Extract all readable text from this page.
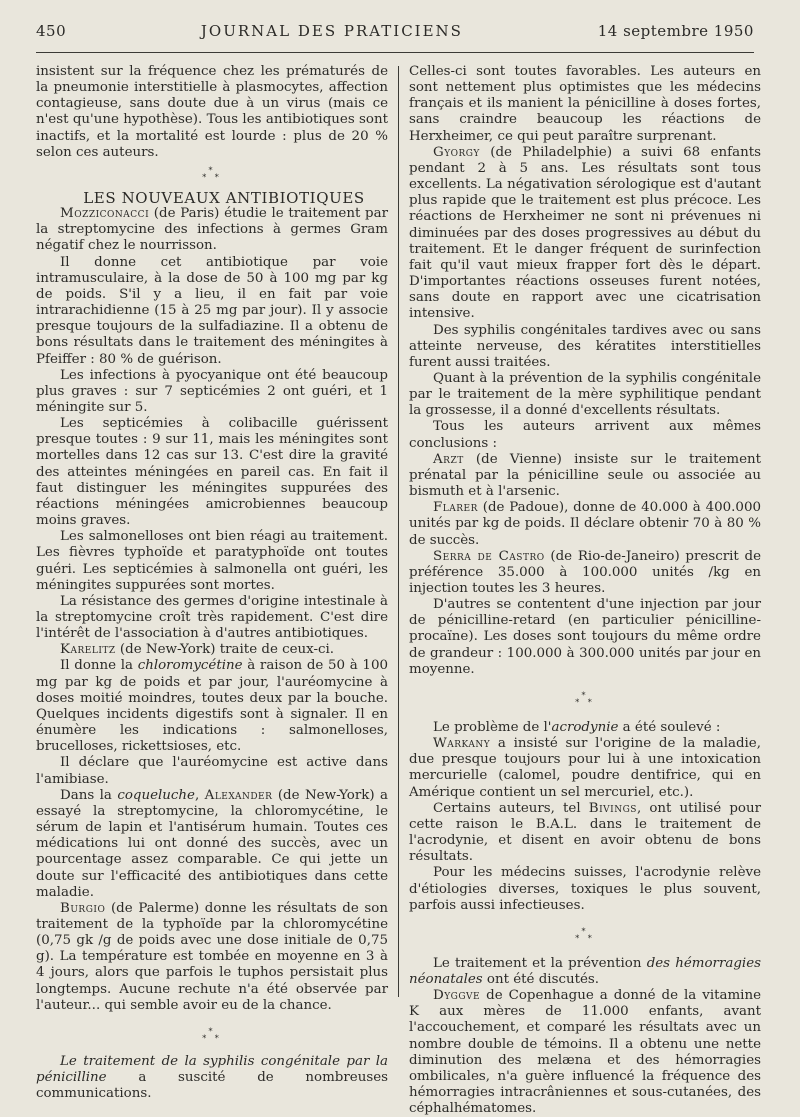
450	JOURNAL DES PRATICIENS	14 septembre 1950

insistent sur la fréquence chez les prématurés de la pneumonie interstitielle à plasmocytes, affection contagieuse, sans doute due à un virus (mais ce n'est qu'une hypothèse). Tous les antibiotiques sont inactifs, et la mortalité est lourde : plus de 20 % selon ces auteurs.

*
* *

LES NOUVEAUX ANTIBIOTIQUES

Mozziconacci (de Paris) étudie le traitement par la streptomycine des infections à germes Gram négatif chez le nourrisson.

Il donne cet antibiotique par voie intramusculaire, à la dose de 50 à 100 mg par kg de poids. S'il y a lieu, il en fait par voie intrarachidienne (15 à 25 mg par jour). Il y associe presque toujours de la sulfadiazine. Il a obtenu de bons résultats dans le traitement des méningites à Pfeiffer : 80 % de guérison.

Les infections à pyocyanique ont été beaucoup plus graves : sur 7 septicémies 2 ont guéri, et 1 méningite sur 5.

Les septicémies à colibacille guérissent presque toutes : 9 sur 11, mais les méningites sont mortelles dans 12 cas sur 13. C'est dire la gravité des atteintes méningées en pareil cas. En fait il faut distinguer les méningites suppurées des réactions méningées amicrobiennes beaucoup moins graves.

Les salmonelloses ont bien réagi au traitement. Les fièvres typhoïde et paratyphoïde ont toutes guéri. Les septicémies à salmonella ont guéri, les méningites suppurées sont mortes.

La résistance des germes d'origine intestinale à la streptomycine croît très rapidement. C'est dire l'intérêt de l'association à d'autres antibiotiques.

Karelitz (de New-York) traite de ceux-ci.

Il donne la chloromycétine à raison de 50 à 100 mg par kg de poids et par jour, l'auréomycine à doses moitié moindres, toutes deux par la bouche. Quelques incidents digestifs sont à signaler. Il en énumère les indications : salmonelloses, brucelloses, rickettsioses, etc.

Il déclare que l'auréomycine est active dans l'amibiase.

Dans la coqueluche, Alexander (de New-York) a essayé la streptomycine, la chloromycétine, le sérum de lapin et l'antisérum humain. Toutes ces médications lui ont donné des succès, avec un pourcentage assez comparable. Ce qui jette un doute sur l'efficacité des antibiotiques dans cette maladie.

Burgio (de Palerme) donne les résultats de son traitement de la typhoïde par la chloromycétine (0,75 gk /g de poids avec une dose initiale de 0,75 g). La température est tombée en moyenne en 3 à 4 jours, alors que parfois le tuphos persistait plus longtemps. Aucune rechute n'a été observée par l'auteur... qui semble avoir eu de la chance.

*
* *

Le traitement de la syphilis congénitale par la pénicilline a suscité de nombreuses communications.

Celles-ci sont toutes favorables. Les auteurs en sont nettement plus optimistes que les médecins français et ils manient la pénicilline à doses fortes, sans craindre beaucoup les réactions de Herxheimer, ce qui peut paraître surprenant.

Gyorgy (de Philadelphie) a suivi 68 enfants pendant 2 à 5 ans. Les résultats sont tous excellents. La négativation sérologique est d'autant plus rapide que le traitement est plus précoce. Les réactions de Herxheimer ne sont ni prévenues ni diminuées par des doses progressives au début du traitement. Et le danger fréquent de surinfection fait qu'il vaut mieux frapper fort dès le départ. D'importantes réactions osseuses furent notées, sans doute en rapport avec une cicatrisation intensive.

Des syphilis congénitales tardives avec ou sans atteinte nerveuse, des kératites interstitielles furent aussi traitées.

Quant à la prévention de la syphilis congénitale par le traitement de la mère syphilitique pendant la grossesse, il a donné d'excellents résultats.

Tous les auteurs arrivent aux mêmes conclusions :

Arzt (de Vienne) insiste sur le traitement prénatal par la pénicilline seule ou associée au bismuth et à l'arsenic.

Flarer (de Padoue), donne de 40.000 à 400.000 unités par kg de poids. Il déclare obtenir 70 à 80 % de succès.

Serra de Castro (de Rio-de-Janeiro) prescrit de préférence 35.000 à 100.000 unités /kg en injection toutes les 3 heures.

D'autres se contentent d'une injection par jour de pénicilline-retard (en particulier pénicilline-procaïne). Les doses sont toujours du même ordre de grandeur : 100.000 à 300.000 unités par jour en moyenne.

*
* *

Le problème de l'acrodynie a été soulevé :

Warkany a insisté sur l'origine de la maladie, due presque toujours pour lui à une intoxication mercurielle (calomel, poudre dentifrice, qui en Amérique contient un sel mercuriel, etc.).

Certains auteurs, tel Bivings, ont utilisé pour cette raison le B.A.L. dans le traitement de l'acrodynie, et disent en avoir obtenu de bons résultats.

Pour les médecins suisses, l'acrodynie relève d'étiologies diverses, toxiques le plus souvent, parfois aussi infectieuses.

*
* *

Le traitement et la prévention des hémorragies néonatales ont été discutés.

Dyggve de Copenhague a donné de la vitamine K aux mères de 11.000 enfants, avant l'accouchement, et comparé les résultats avec un nombre double de témoins. Il a obtenu une nette diminution des melæna et des hémorragies ombilicales, n'a guère influencé la fréquence des hémorragies intracrâniennes et sous-cutanées, des céphalhématomes.
